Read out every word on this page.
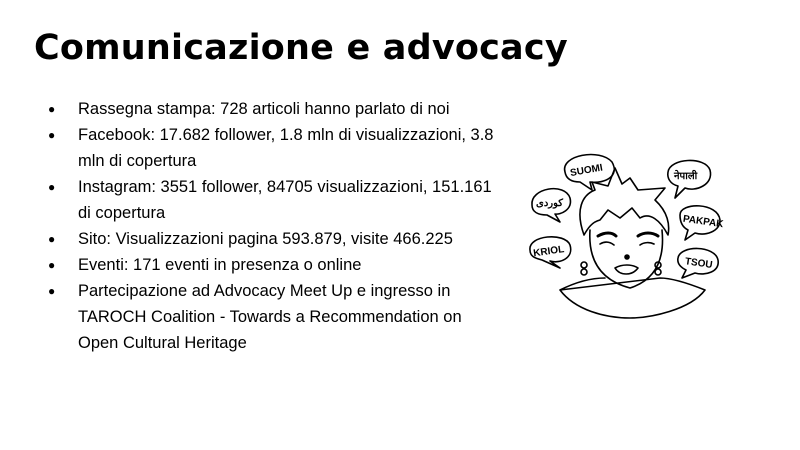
Comunicazione e advocacy
● Rassegna stampa: 728 articoli hanno parlato di noi
● Facebook: 17.682 follower, 1.8 mln di visualizzazioni, 3.8 mln di copertura
● Instagram: 3551 follower, 84705 visualizzazioni, 151.161 di copertura
● Sito: Visualizzazioni pagina 593.879, visite 466.225
● Eventi: 171 eventi in presenza o online
● Partecipazione ad Advocacy Meet Up e ingresso in TAROCH Coalition - Towards a Recommendation on Open Cultural Heritage
SUOMI	नेपाली
کوردی
PAKPAK
KRIOL
TSOU
